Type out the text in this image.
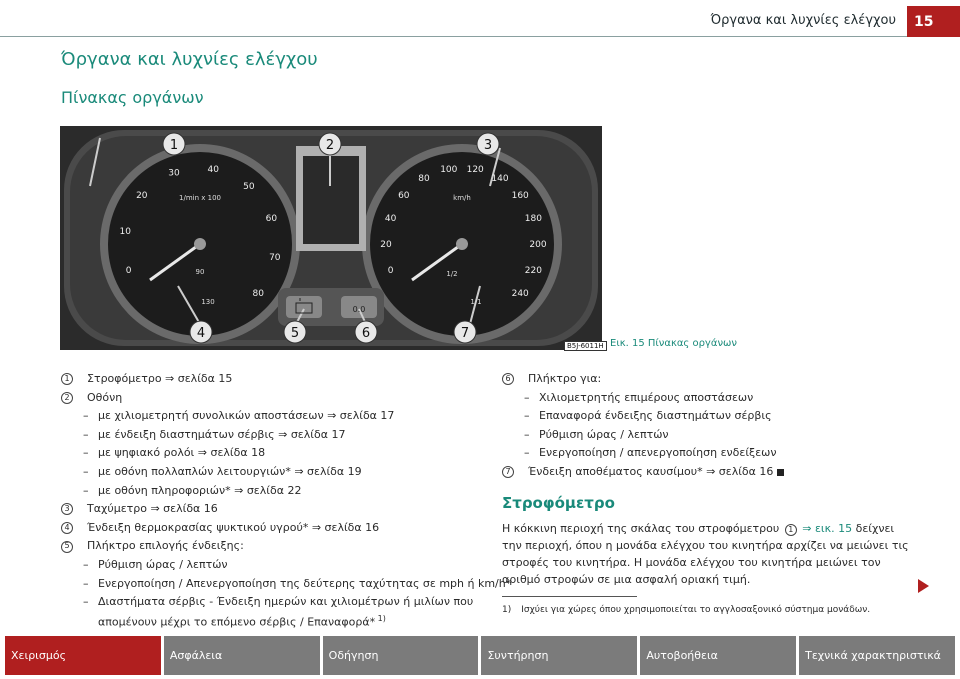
Όργανα και λυχνίες ελέγχου	15
Όργανα και λυχνίες ελέγχου
Πίνακας οργάνων
1	2	3
4	5	6	7
0
10
20
30	40
50
60
70
80
0
20
40
60
80
100 120
140
160
180
200
220
240
1/min x 100	km/h
90
130
1/2
1/1
0.0
B5J-6011H Εικ. 15 Πίνακας οργάνων
1	Στροφόμετρο ⇒ σελίδα 15
2	Οθόνη
– με χιλιομετρητή συνολικών αποστάσεων ⇒ σελίδα 17
– με ένδειξη διαστημάτων σέρβις ⇒ σελίδα 17
– με ψηφιακό ρολόι ⇒ σελίδα 18
– με οθόνη πολλαπλών λειτουργιών* ⇒ σελίδα 19
– με οθόνη πληροφοριών* ⇒ σελίδα 22
3	Ταχύμετρο ⇒ σελίδα 16
4	Ένδειξη θερμοκρασίας ψυκτικού υγρού* ⇒ σελίδα 16
5	Πλήκτρο επιλογής ένδειξης:
– Ρύθμιση ώρας / λεπτών
– Ενεργοποίηση / Απενεργοποίηση της δεύτερης ταχύτητας σε mph ή km/h*
– Διαστήματα σέρβις - Ένδειξη ημερών και χιλιομέτρων ή μιλίων που
απομένουν μέχρι το επόμενο σέρβις / Επαναφορά* $^{1)}$
6	Πλήκτρο για:
– Χιλιομετρητής επιμέρους αποστάσεων
– Επαναφορά ένδειξης διαστημάτων σέρβις
– Ρύθμιση ώρας / λεπτών
– Ενεργοποίηση / απενεργοποίηση ενδείξεων
7	Ένδειξη αποθέματος καυσίμου* ⇒ σελίδα 16
Στροφόμετρο
Η κόκκινη περιοχή της σκάλας του στροφόμετρου 1 ⇒ εικ. 15 δείχνει την περιοχή, όπου η μονάδα ελέγχου του κινητήρα αρχίζει να μειώνει τις στροφές του κινητήρα. Η μονάδα ελέγχου του κινητήρα μειώνει τον αριθμό στροφών σε μια ασφαλή οριακή τιμή.
1) Ισχύει για χώρες όπου χρησιμοποιείται το αγγλοσαξονικό σύστημα μονάδων.
Χειρισμός	Ασφάλεια	Οδήγηση	Συντήρηση	Αυτοβοήθεια	Τεχνικά χαρακτηριστικά
